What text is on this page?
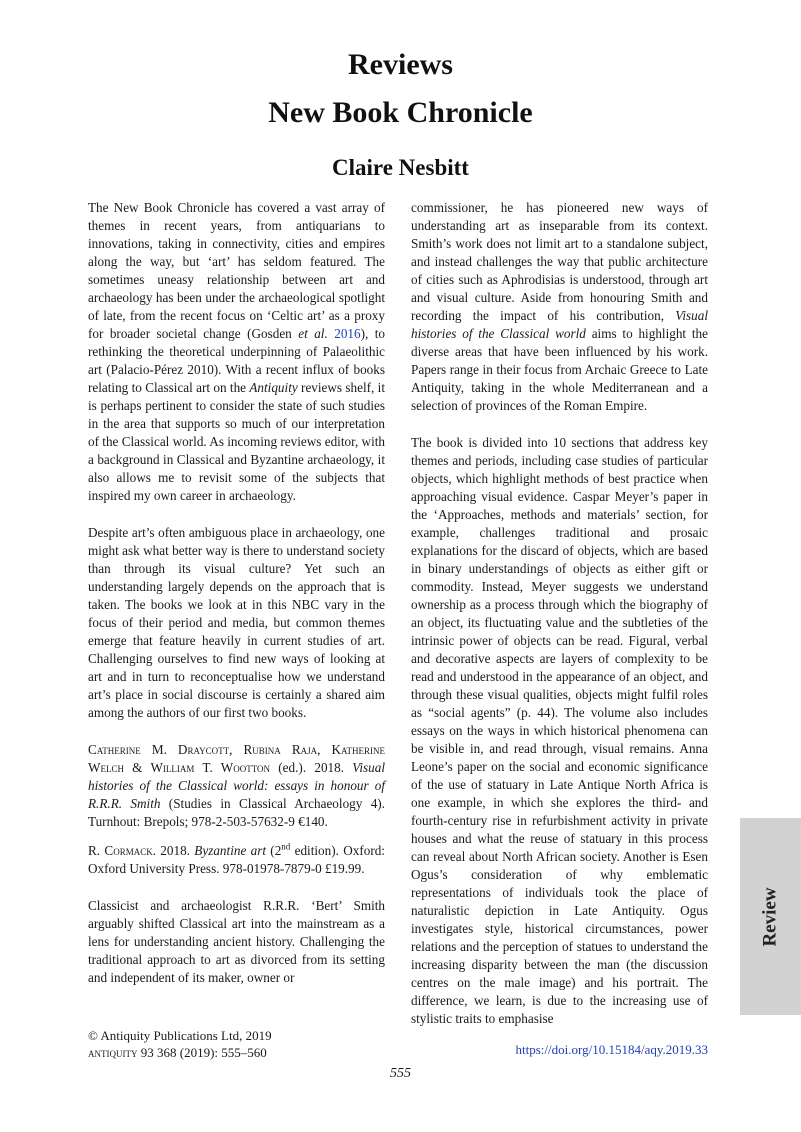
Reviews
New Book Chronicle
Claire Nesbitt

The New Book Chronicle has covered a vast array of themes in recent years, from antiquarians to innovations, taking in connectivity, cities and empires along the way, but ‘art’ has seldom featured. The sometimes uneasy relationship between art and archaeology has been under the archaeological spotlight of late, from the recent focus on ‘Celtic art’ as a proxy for broader societal change (Gosden et al. 2016), to rethinking the theoretical underpinning of Palaeolithic art (Palacio-Pérez 2010). With a recent influx of books relating to Classical art on the Antiquity reviews shelf, it is perhaps pertinent to consider the state of such studies in the area that supports so much of our interpretation of the Classical world. As incoming reviews editor, with a background in Classical and Byzantine archaeology, it also allows me to revisit some of the subjects that inspired my own career in archaeology.

Despite art’s often ambiguous place in archaeology, one might ask what better way is there to understand society than through its visual culture? Yet such an understanding largely depends on the approach that is taken. The books we look at in this NBC vary in the focus of their period and media, but common themes emerge that feature heavily in current studies of art. Challenging ourselves to find new ways of looking at art and in turn to reconceptualise how we understand art’s place in social discourse is certainly a shared aim among the authors of our first two books.

Catherine M. Draycott, Rubina Raja, Katherine Welch & William T. Wootton (ed.). 2018. Visual histories of the Classical world: essays in honour of R.R.R. Smith (Studies in Classical Archaeology 4). Turnhout: Brepols; 978-2-503-57632-9 €140.

R. Cormack. 2018. Byzantine art (2nd edition). Oxford: Oxford University Press. 978-01978-7879-0 £19.99.

Classicist and archaeologist R.R.R. ‘Bert’ Smith arguably shifted Classical art into the mainstream as a lens for understanding ancient history. Challenging the traditional approach to art as divorced from its setting and independent of its maker, owner or

commissioner, he has pioneered new ways of understanding art as inseparable from its context. Smith’s work does not limit art to a standalone subject, and instead challenges the way that public architecture of cities such as Aphrodisias is understood, through art and visual culture. Aside from honouring Smith and recording the impact of his contribution, Visual histories of the Classical world aims to highlight the diverse areas that have been influenced by his work. Papers range in their focus from Archaic Greece to Late Antiquity, taking in the whole Mediterranean and a selection of provinces of the Roman Empire.

The book is divided into 10 sections that address key themes and periods, including case studies of particular objects, which highlight methods of best practice when approaching visual evidence. Caspar Meyer’s paper in the ‘Approaches, methods and materials’ section, for example, challenges traditional and prosaic explanations for the discard of objects, which are based in binary understandings of objects as either gift or commodity. Instead, Meyer suggests we understand ownership as a process through which the biography of an object, its fluctuating value and the subtleties of the intrinsic power of objects can be read. Figural, verbal and decorative aspects are layers of complexity to be read and understood in the appearance of an object, and through these visual qualities, objects might fulfil roles as “social agents” (p. 44). The volume also includes essays on the ways in which historical phenomena can be visible in, and read through, visual remains. Anna Leone’s paper on the social and economic significance of the use of statuary in Late Antique North Africa is one example, in which she explores the third- and fourth-century rise in refurbishment activity in private houses and what the reuse of statuary in this process can reveal about North African society. Another is Esen Ogus’s consideration of why emblematic representations of individuals took the place of naturalistic depiction in Late Antiquity. Ogus investigates style, historical circumstances, power relations and the perception of statues to understand the increasing disparity between the man (the discussion centres on the male image) and his portrait. The difference, we learn, is due to the increasing use of stylistic traits to emphasise

© Antiquity Publications Ltd, 2019
antiquity 93 368 (2019): 555–560	https://doi.org/10.15184/aqy.2019.33
555
Review
